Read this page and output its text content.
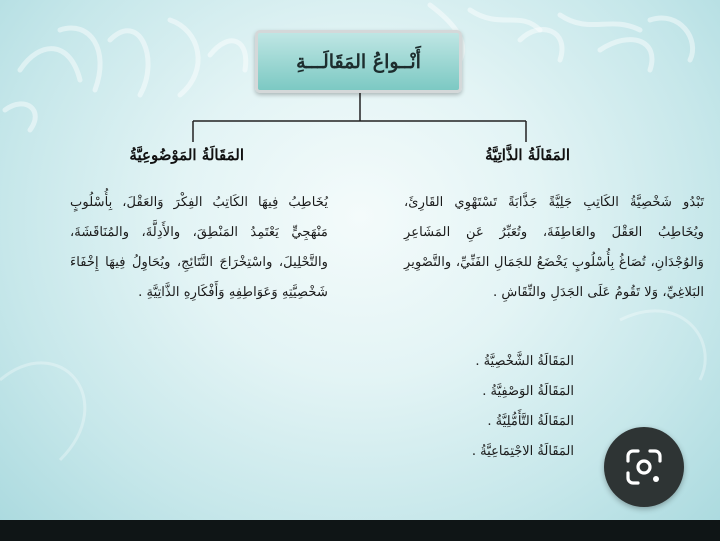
أَنْــواعُ المَقَالَـــةِ
المَقَالَةُ الذَّاتِيَّةُ
المَقَالَةُ المَوْضُوعِيَّةُ
تَبْدُو شَخْصِيَّةُ الكَاتِبِ جَلِيَّةً جَذَّابَةً تَسْتَهْوِي القَارِئَ، ويُخَاطِبُ العَقْلَ والعَاطِفَةَ، وتُعَبِّرُ عَنِ المَشَاعِرِ وَالوُجْدَانِ، تُصَاغُ بِأُسْلُوبٍ يَخْضَعُ للجَمَالِ الفَنِّيِّ، والتَّصْوِيرِ البَلاغِيِّ، وَلا تَقُومُ عَلَى الجَدَلِ والنِّقَاشِ .
يُخَاطِبُ فِيهَا الكَاتِبُ الفِكْرَ وَالعَقْلَ، بِأُسْلُوبٍ مَنْهَجِيٍّ يَعْتَمِدُ المَنْطِقَ، والأَدِلَّةَ، والمُنَاقَشَةَ، والتَّحْلِيلَ، واسْتِخْرَاجَ النَّتَائِجِ، ويُحَاوِلُ فِيهَا إِخْفَاءَ شَخْصِيَّتِهِ وَعَوَاطِفِهِ وَأَفْكَارِهِ الذَّاتِيَّةِ .
المَقَالَةُ الشَّخْصِيَّةُ .
المَقَالَةُ الوَصْفِيَّةُ .
المَقَالَةُ التَّأَمُّلِيَّةُ .
المَقَالَةُ الاجْتِمَاعِيَّةُ .
